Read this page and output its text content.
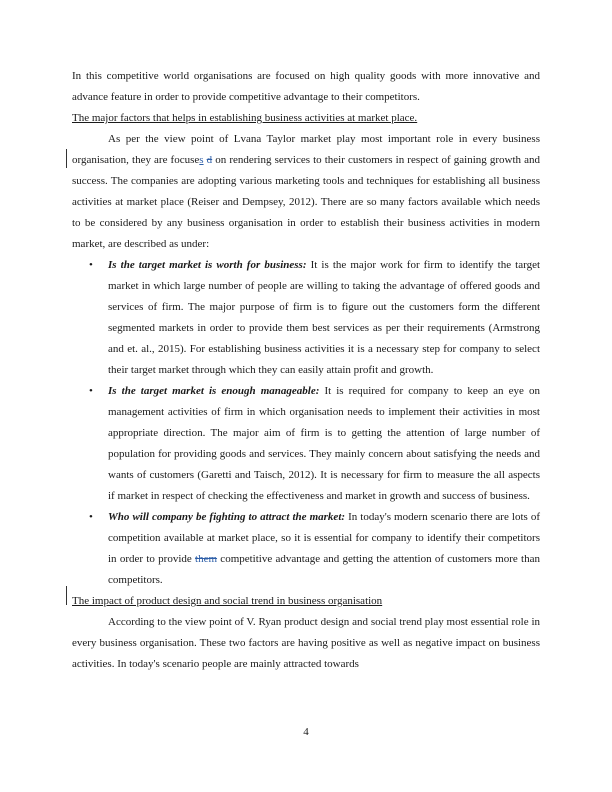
In this competitive world organisations are focused on high quality goods with more innovative and advance feature in order to provide competitive advantage to their competitors.

The major factors that helps in establishing business activities at market place.

As per the view point of Lvana Taylor market play most important role in every business organisation, they are focuses d on rendering services to their customers in respect of gaining growth and success. The companies are adopting various marketing tools and techniques for establishing all business activities at market place (Reiser and Dempsey, 2012). There are so many factors available which needs to be considered by any business organisation in order to establish their business activities in modern market, are described as under:

• Is the target market is worth for business: It is the major work for firm to identify the target market in which large number of people are willing to taking the advantage of offered goods and services of firm. The major purpose of firm is to figure out the customers form the different segmented markets in order to provide them best services as per their requirements (Armstrong and et. al., 2015). For establishing business activities it is a necessary step for company to select their target market through which they can easily attain profit and growth.
• Is the target market is enough manageable: It is required for company to keep an eye on management activities of firm in which organisation needs to implement their activities in most appropriate direction. The major aim of firm is to getting the attention of large number of population for providing goods and services. They mainly concern about satisfying the needs and wants of customers (Garetti and Taisch, 2012). It is necessary for firm to measure the all aspects if market in respect of checking the effectiveness and market in growth and success of business.
• Who will company be fighting to attract the market: In today's modern scenario there are lots of competition available at market place, so it is essential for company to identify their competitors in order to provide them competitive advantage and getting the attention of customers more than competitors.

The impact of product design and social trend in business organisation

According to the view point of V. Ryan product design and social trend play most essential role in every business organisation. These two factors are having positive as well as negative impact on business activities. In today's scenario people are mainly attracted towards

4
